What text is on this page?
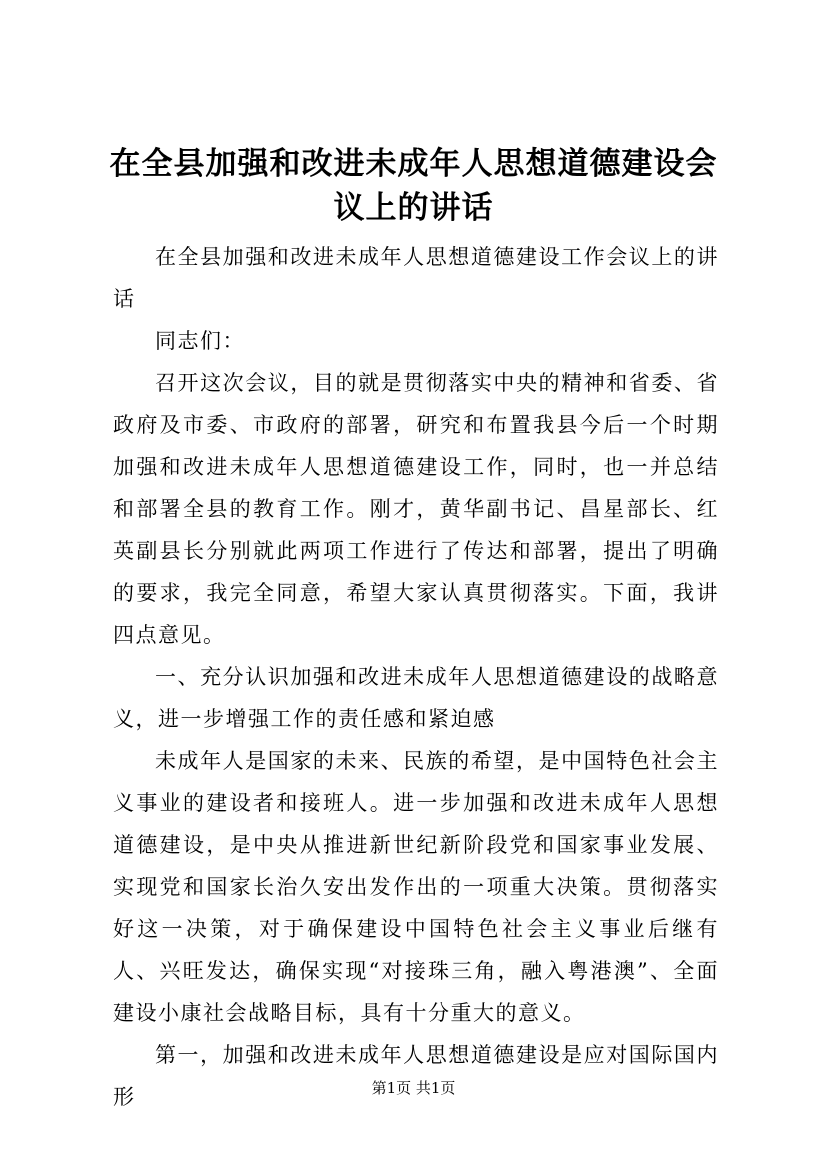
在全县加强和改进未成年人思想道德建设会议上的讲话

在全县加强和改进未成年人思想道德建设工作会议上的讲话

同志们：

召开这次会议，目的就是贯彻落实中央的精神和省委、省政府及市委、市政府的部署，研究和布置我县今后一个时期加强和改进未成年人思想道德建设工作，同时，也一并总结和部署全县的教育工作。刚才，黄华副书记、昌星部长、红英副县长分别就此两项工作进行了传达和部署，提出了明确的要求，我完全同意，希望大家认真贯彻落实。下面，我讲四点意见。

一、充分认识加强和改进未成年人思想道德建设的战略意义，进一步增强工作的责任感和紧迫感

未成年人是国家的未来、民族的希望，是中国特色社会主义事业的建设者和接班人。进一步加强和改进未成年人思想道德建设，是中央从推进新世纪新阶段党和国家事业发展、实现党和国家长治久安出发作出的一项重大决策。贯彻落实好这一决策，对于确保建设中国特色社会主义事业后继有人、兴旺发达，确保实现“对接珠三角，融入粤港澳”、全面建设小康社会战略目标，具有十分重大的意义。

第一，加强和改进未成年人思想道德建设是应对国际国内形	第1页 共1页
